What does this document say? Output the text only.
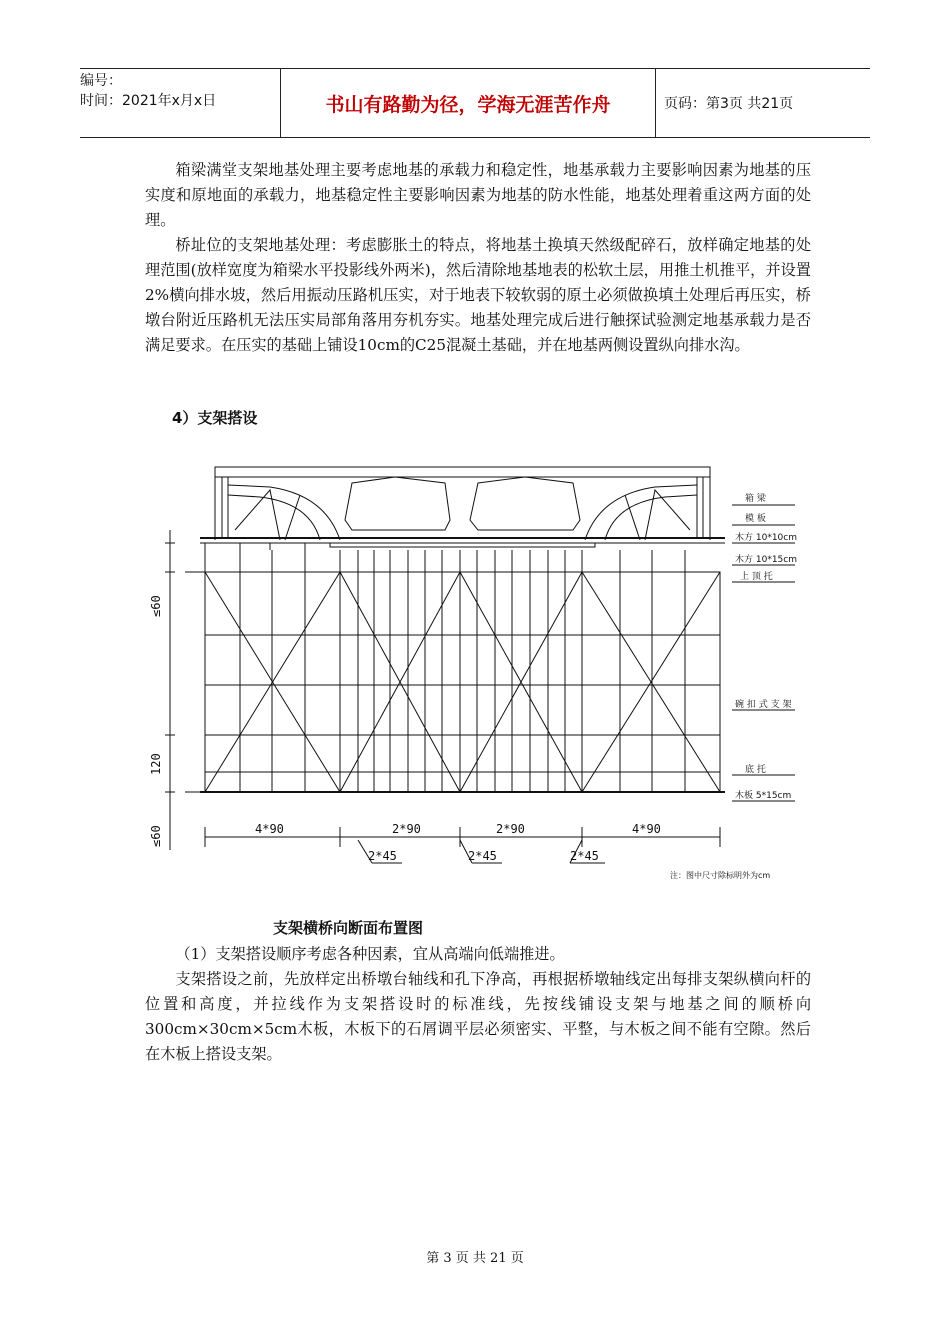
编号：
时间：2021年x月x日	书山有路勤为径，学海无涯苦作舟	页码：第3页 共21页
箱梁满堂支架地基处理主要考虑地基的承载力和稳定性，地基承载力主要影响因素为地基的压实度和原地面的承载力，地基稳定性主要影响因素为地基的防水性能，地基处理着重这两方面的处理。
桥址位的支架地基处理：考虑膨胀土的特点，将地基土换填天然级配碎石，放样确定地基的处理范围(放样宽度为箱梁水平投影线外两米)，然后清除地基地表的松软土层，用推土机推平，并设置2%横向排水坡，然后用振动压路机压实，对于地表下较软弱的原土必须做换填土处理后再压实，桥墩台附近压路机无法压实局部角落用夯机夯实。地基处理完成后进行触探试验测定地基承载力是否满足要求。在压实的基础上铺设10cm的C25混凝土基础，并在地基两侧设置纵向排水沟。
4）支架搭设
箱 梁
模 板
木方 10*10cm
木方 10*15cm
上 顶 托
碗 扣 式 支 架
底 托
木板 5*15cm
注：图中尺寸除标明外为cm
≤60
120
≤60	4*90	2*90	2*90	4*90
2*45	2*45	2*45
支架横桥向断面布置图
（1）支架搭设顺序考虑各种因素，宜从高端向低端推进。
支架搭设之前，先放样定出桥墩台轴线和孔下净高，再根据桥墩轴线定出每排支架纵横向杆的位置和高度，并拉线作为支架搭设时的标准线，先按线铺设支架与地基之间的顺桥向300cm×30cm×5cm木板，木板下的石屑调平层必须密实、平整，与木板之间不能有空隙。然后在木板上搭设支架。
第 3 页 共 21 页
